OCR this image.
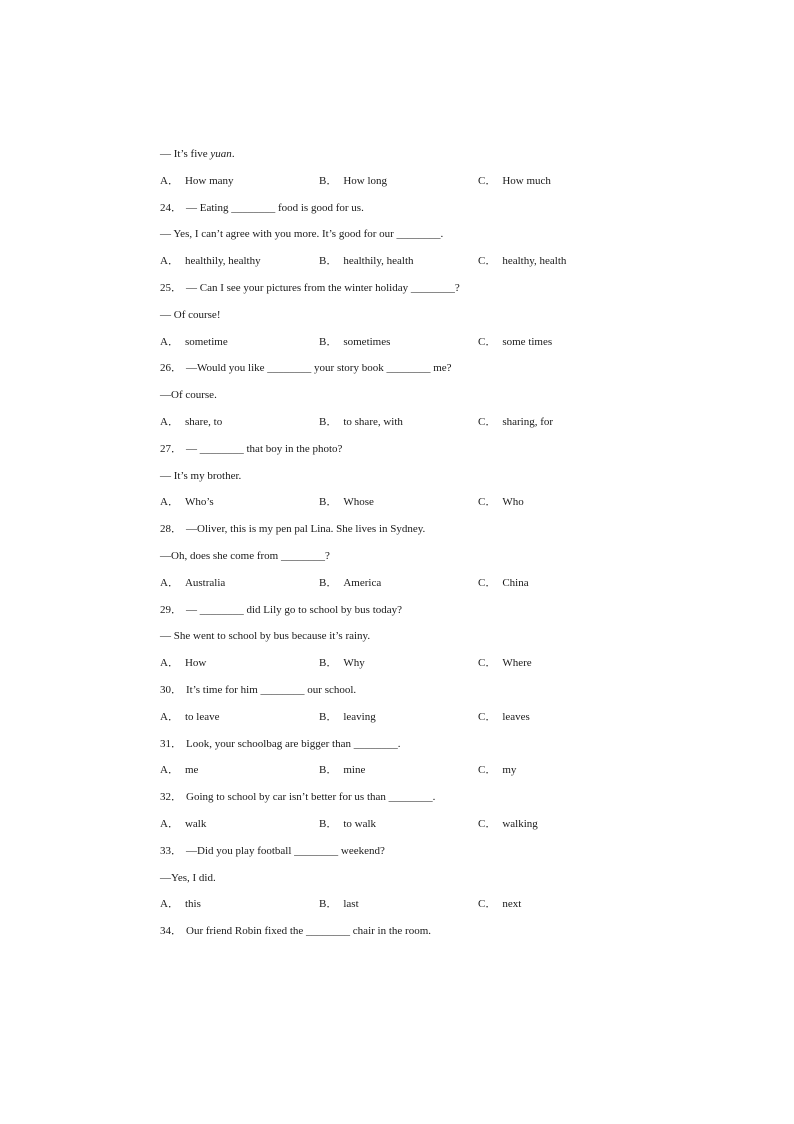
— It’s five yuan.
A． How many	B． How long	C． How much
24． — Eating ________ food is good for us.
— Yes, I can’t agree with you more. It’s good for our ________.
A． healthily, healthy	B． healthily, health	C． healthy, health
25． — Can I see your pictures from the winter holiday ________?
— Of course!
A． sometime	B． sometimes	C． some times
26． —Would you like ________ your story book ________ me?
—Of course.
A． share, to	B． to share, with	C． sharing, for
27． — ________ that boy in the photo?
— It’s my brother.
A． Who’s	B． Whose	C． Who
28． —Oliver, this is my pen pal Lina. She lives in Sydney.
—Oh, does she come from ________?
A． Australia	B． America	C． China
29． — ________ did Lily go to school by bus today?
— She went to school by bus because it’s rainy.
A． How	B． Why	C． Where
30． It’s time for him ________ our school.
A． to leave	B． leaving	C． leaves
31． Look, your schoolbag are bigger than ________.
A． me	B． mine	C． my
32． Going to school by car isn’t better for us than ________.
A． walk	B． to walk	C． walking
33． —Did you play football ________ weekend?
—Yes, I did.
A． this	B． last	C． next
34． Our friend Robin fixed the ________ chair in the room.
